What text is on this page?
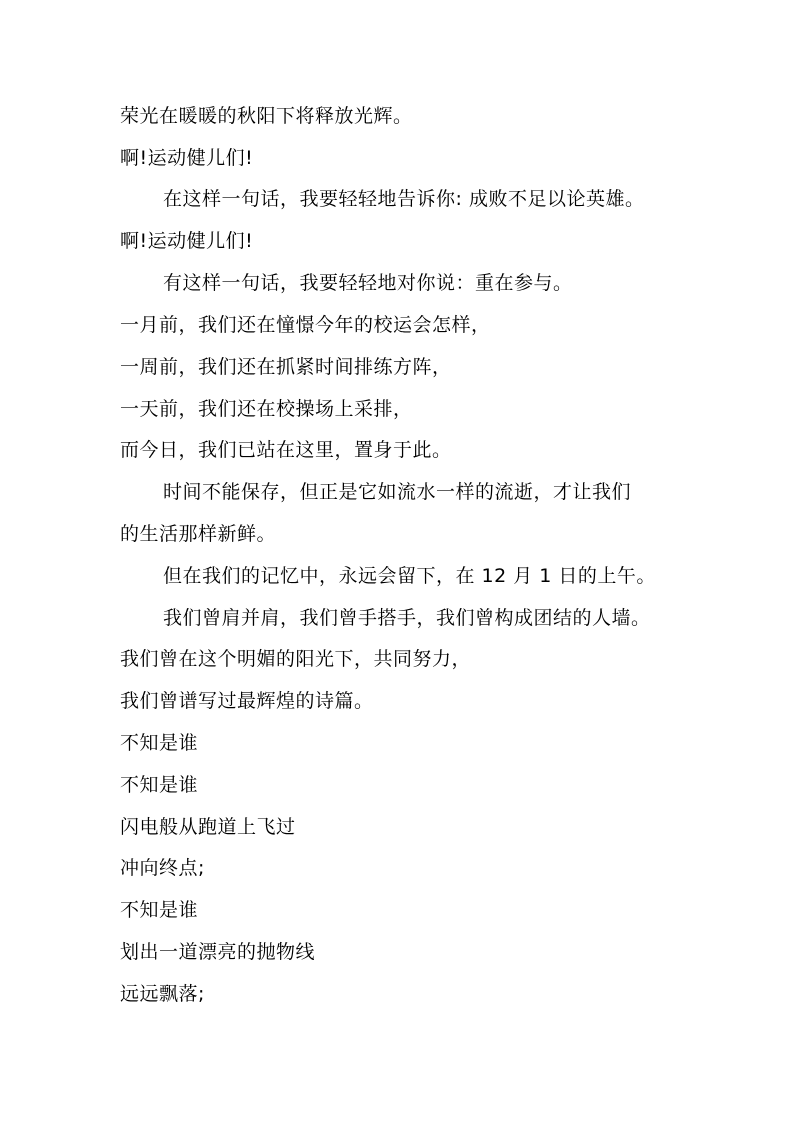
荣光在暖暖的秋阳下将释放光辉。
啊!运动健儿们!
在这样一句话，我要轻轻地告诉你: 成败不足以论英雄。
啊!运动健儿们!
有这样一句话，我要轻轻地对你说：重在参与。
一月前，我们还在憧憬今年的校运会怎样，
一周前，我们还在抓紧时间排练方阵，
一天前，我们还在校操场上采排，
而今日，我们已站在这里，置身于此。
时间不能保存，但正是它如流水一样的流逝，才让我们
的生活那样新鲜。
但在我们的记忆中，永远会留下，在 12 月 1 日的上午。
我们曾肩并肩，我们曾手搭手，我们曾构成团结的人墙。
我们曾在这个明媚的阳光下，共同努力，
我们曾谱写过最辉煌的诗篇。
不知是谁
不知是谁
闪电般从跑道上飞过
冲向终点;
不知是谁
划出一道漂亮的抛物线
远远飘落;
